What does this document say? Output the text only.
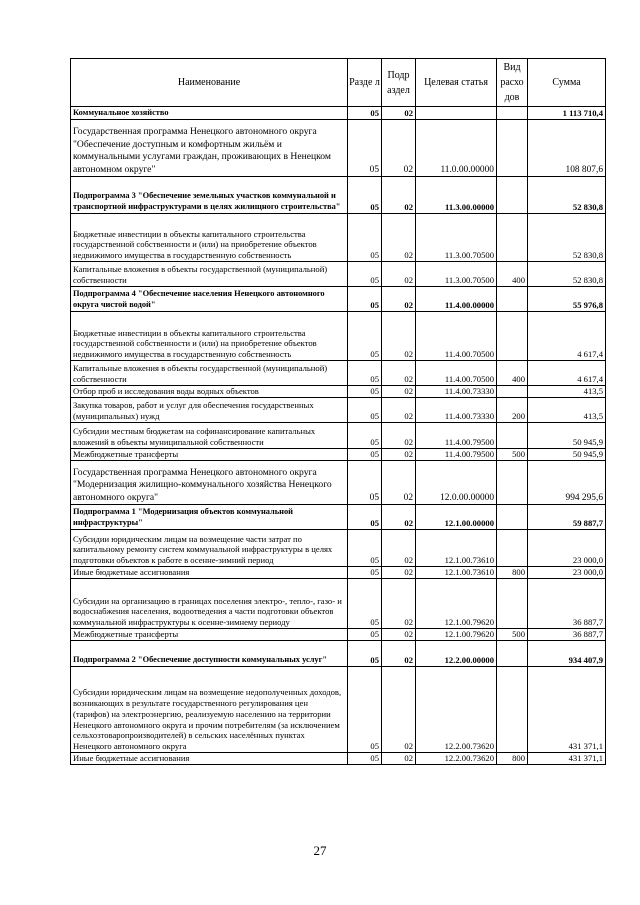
Наименование	Разде л	Подр аздел	Целевая статья	Вид расхо дов	Сумма
Коммунальное хозяйство	05	02			1 113 710,4
Государственная программа Ненецкого автономного округа "Обеспечение доступным и комфортным жильём и коммунальными услугами граждан, проживающих в Ненецком автономном округе"	05	02	11.0.00.00000		108 807,6
Подпрограмма 3 "Обеспечение земельных участков коммунальной и транспортной инфраструктурами в целях жилищного строительства"	05	02	11.3.00.00000		52 830,8
Бюджетные инвестиции в объекты капитального строительства государственной собственности и (или) на приобретение объектов недвижимого имущества в государственную собственность	05	02	11.3.00.70500		52 830,8
Капитальные вложения в объекты государственной (муниципальной) собственности	05	02	11.3.00.70500	400	52 830,8
Подпрограмма 4 "Обеспечение населения Ненецкого автономного округа чистой водой"	05	02	11.4.00.00000		55 976,8
Бюджетные инвестиции в объекты капитального строительства государственной собственности и (или) на приобретение объектов недвижимого имущества в государственную собственность	05	02	11.4.00.70500		4 617,4
Капитальные вложения в объекты государственной (муниципальной) собственности	05	02	11.4.00.70500	400	4 617,4
Отбор проб и исследования воды водных объектов	05	02	11.4.00.73330		413,5
Закупка товаров, работ и услуг для обеспечения государственных (муниципальных) нужд	05	02	11.4.00.73330	200	413,5
Субсидии местным бюджетам на софинансирование капитальных вложений в объекты муниципальной собственности	05	02	11.4.00.79500		50 945,9
Межбюджетные трансферты	05	02	11.4.00.79500	500	50 945,9
Государственная программа Ненецкого автономного округа "Модернизация жилищно-коммунального хозяйства Ненецкого автономного округа"	05	02	12.0.00.00000		994 295,6
Подпрограмма 1 "Модернизация объектов коммунальной инфраструктуры"	05	02	12.1.00.00000		59 887,7
Субсидии юридическим лицам на возмещение части затрат по капитальному ремонту систем коммунальной инфраструктуры в целях подготовки объектов к работе в осенне-зимний период	05	02	12.1.00.73610		23 000,0
Иные бюджетные ассигнования	05	02	12.1.00.73610	800	23 000,0
Субсидии на организацию в границах поселения электро-, тепло-, газо- и водоснабжения населения, водоотведения а части подготовки объектов коммунальной инфраструктуры к осенне-зимнему периоду	05	02	12.1.00.79620		36 887,7
Межбюджетные трансферты	05	02	12.1.00.79620	500	36 887,7
Подпрограмма 2 "Обеспечение доступности коммунальных услуг"	05	02	12.2.00.00000		934 407,9
Субсидии юридическим лицам на возмещение недополученных доходов, возникающих в результате государственного регулирования цен (тарифов) на электроэнергию, реализуемую населению на территории Ненецкого автономного округа и прочим потребителям (за исключением сельхозтоваропроизводителей) в сельских населённых пунктах Ненецкого автономного округа	05	02	12.2.00.73620		431 371,1
Иные бюджетные ассигнования	05	02	12.2.00.73620	800	431 371,1
27
